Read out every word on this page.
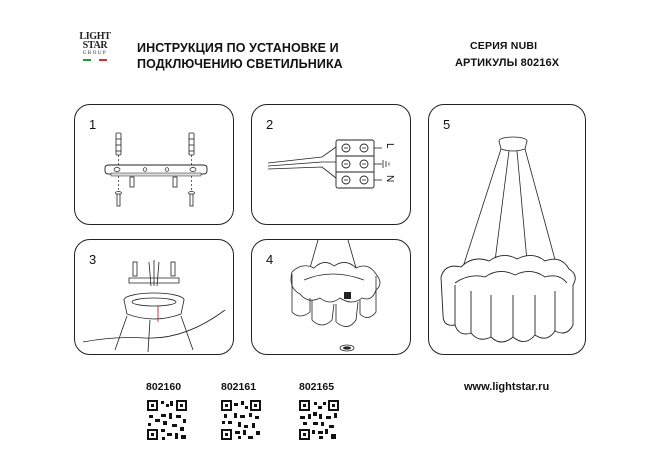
LIGHT
STAR
GROUP	ИНСТРУКЦИЯ ПО УСТАНОВКЕ И
ПОДКЛЮЧЕНИЮ СВЕТИЛЬНИКА
СЕРИЯ NUBI
АРТИКУЛЫ 80216X
1	2
L
N
3	4
5
802160	802161	802165	www.lightstar.ru
